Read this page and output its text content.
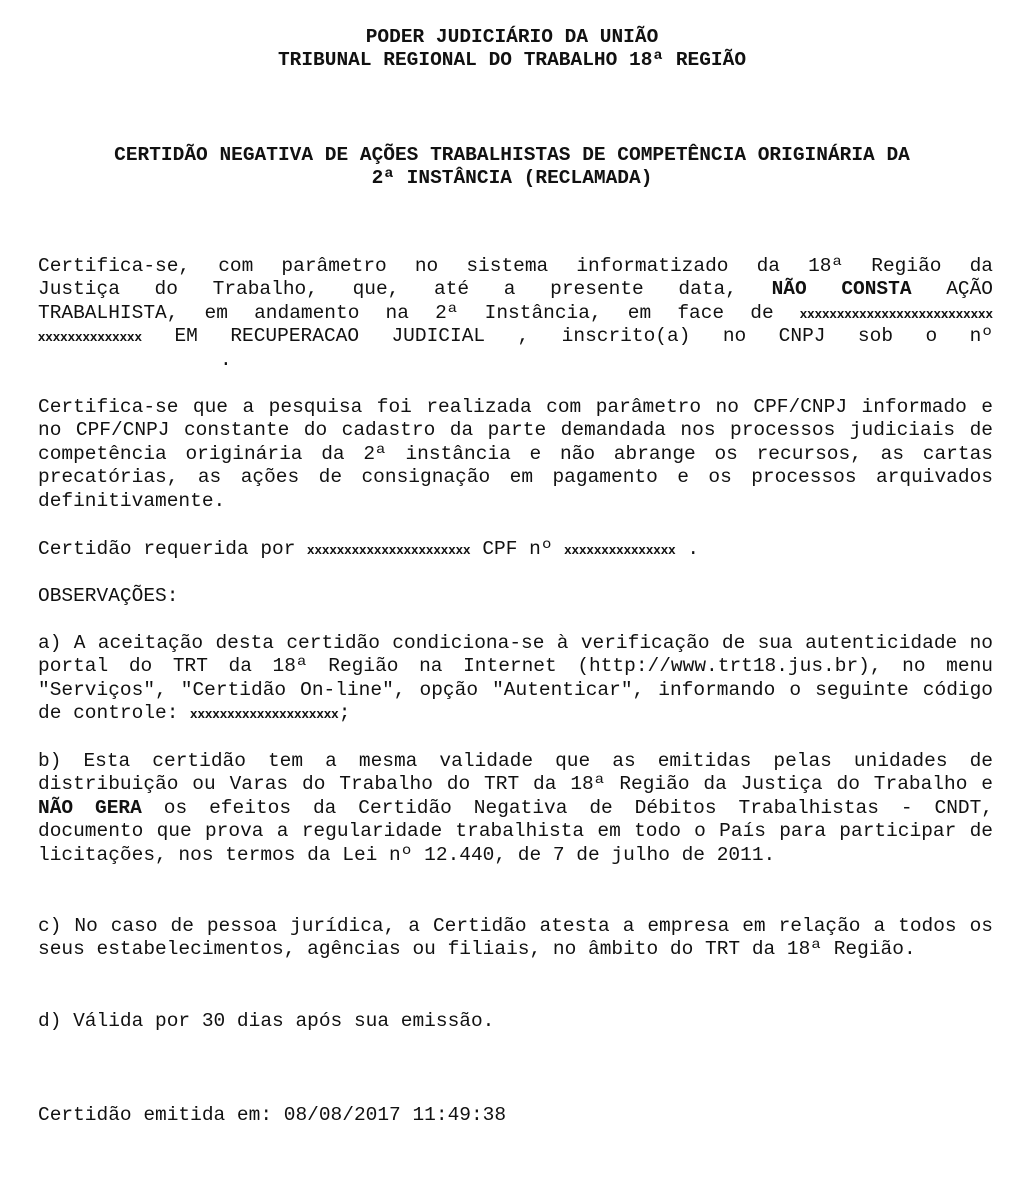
PODER JUDICIÁRIO DA UNIÃO
TRIBUNAL REGIONAL DO TRABALHO 18ª REGIÃO

CERTIDÃO NEGATIVA DE AÇÕES TRABALHISTAS DE COMPETÊNCIA ORIGINÁRIA DA
2ª INSTÂNCIA (RECLAMADA)

Certifica-se, com parâmetro no sistema informatizado da 18ª Região da
Justiça do Trabalho, que, até a presente data, NÃO CONSTA AÇÃO
TRABALHISTA, em andamento na 2ª Instância, em face de xxxxxxxxxxxxxxxxxxxxxxxxxx
xxxxxxxxxxxxxx EM RECUPERACAO JUDICIAL , inscrito(a) no CNPJ sob o nº
.

Certifica-se que a pesquisa foi realizada com parâmetro no CPF/CNPJ informado e no CPF/CNPJ constante do cadastro da parte demandada nos processos judiciais de competência originária da 2ª instância e não abrange os recursos, as cartas precatórias, as ações de consignação em pagamento e os processos arquivados definitivamente.

Certidão requerida por xxxxxxxxxxxxxxxxxxxxxx CPF nº xxxxxxxxxxxxxxx .

OBSERVAÇÕES:

a) A aceitação desta certidão condiciona-se à verificação de sua autenticidade no portal do TRT da 18ª Região na Internet (http://www.trt18.jus.br), no menu "Serviços", "Certidão On-line", opção "Autenticar", informando o seguinte código de controle: xxxxxxxxxxxxxxxxxxxx;

b) Esta certidão tem a mesma validade que as emitidas pelas unidades de distribuição ou Varas do Trabalho do TRT da 18ª Região da Justiça do Trabalho e NÃO GERA os efeitos da Certidão Negativa de Débitos Trabalhistas - CNDT, documento que prova a regularidade trabalhista em todo o País para participar de licitações, nos termos da Lei nº 12.440, de 7 de julho de 2011.

c) No caso de pessoa jurídica, a Certidão atesta a empresa em relação a todos os seus estabelecimentos, agências ou filiais, no âmbito do TRT da 18ª Região.

d) Válida por 30 dias após sua emissão.

Certidão emitida em: 08/08/2017 11:49:38
